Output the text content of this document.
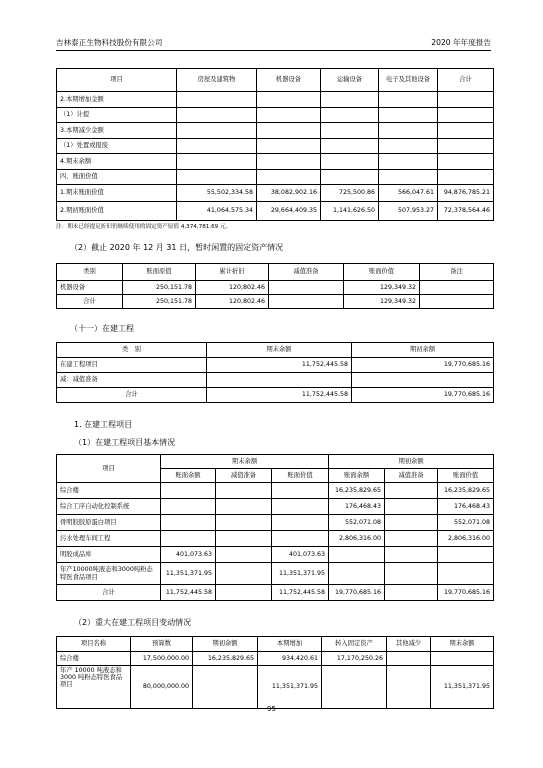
吉林泰正生物科技股份有限公司	2020 年年度报告
项目	房屋及建筑物	机器设备	运输设备	电子及其他设备	合计
2.本期增加金额					
（1）计提					
3.本期减少金额					
（1）处置或报废					
4.期末余额					
四、账面价值					
1.期末账面价值	55,502,334.58	38,082,902.16	725,500.86	566,047.61	94,876,785.21
2.期初账面价值	41,064,575.34	29,664,409.35	1,141,626.50	507,953.27	72,378,564.46
注：期末已经提足折旧仍继续使用的固定资产原值 4,374,781.69 元。
（2）截止 2020 年 12 月 31 日，暂时闲置的固定资产情况
类别	账面原值	累计折旧	减值准备	账面价值	备注
机器设备	250,151.78	120,802.46		129,349.32	
合计	250,151.78	120,802.46		129,349.32	
（十一）在建工程
类　别	期末余额	期初余额
在建工程项目	11,752,445.58	19,770,685.16
减：减值准备		
合计	11,752,445.58	19,770,685.16
1. 在建工程项目
（1）在建工程项目基本情况
项目	期末余额			期初余额		
	账面余额	减值准备	账面价值	账面余额	减值准备	账面价值
综合楼				16,235,829.65		16,235,829.65
综合工序自动化控制系统				176,468.43		176,468.43
骨明胶胶原蛋白项目				552,071.08		552,071.08
污水处理车间工程				2,806,316.00		2,806,316.00
明胶成品库	401,073.63		401,073.63			
年产10000吨液态和3000吨粉态特医食品项目	11,351,371.95		11,351,371.95			
合计	11,752,445.58		11,752,445.58	19,770,685.16		19,770,685.16
（2）重大在建工程项目变动情况
项目名称	预算数	期初余额	本期增加	转入固定资产	其他减少	期末余额
综合楼	17,500,000.00	16,235,829.65	934,420.61	17,170,250.26		
年产 10000 吨液态和 3000 吨粉态特医食品项目	80,000,000.00		11,351,371.95			11,351,371.95
95
